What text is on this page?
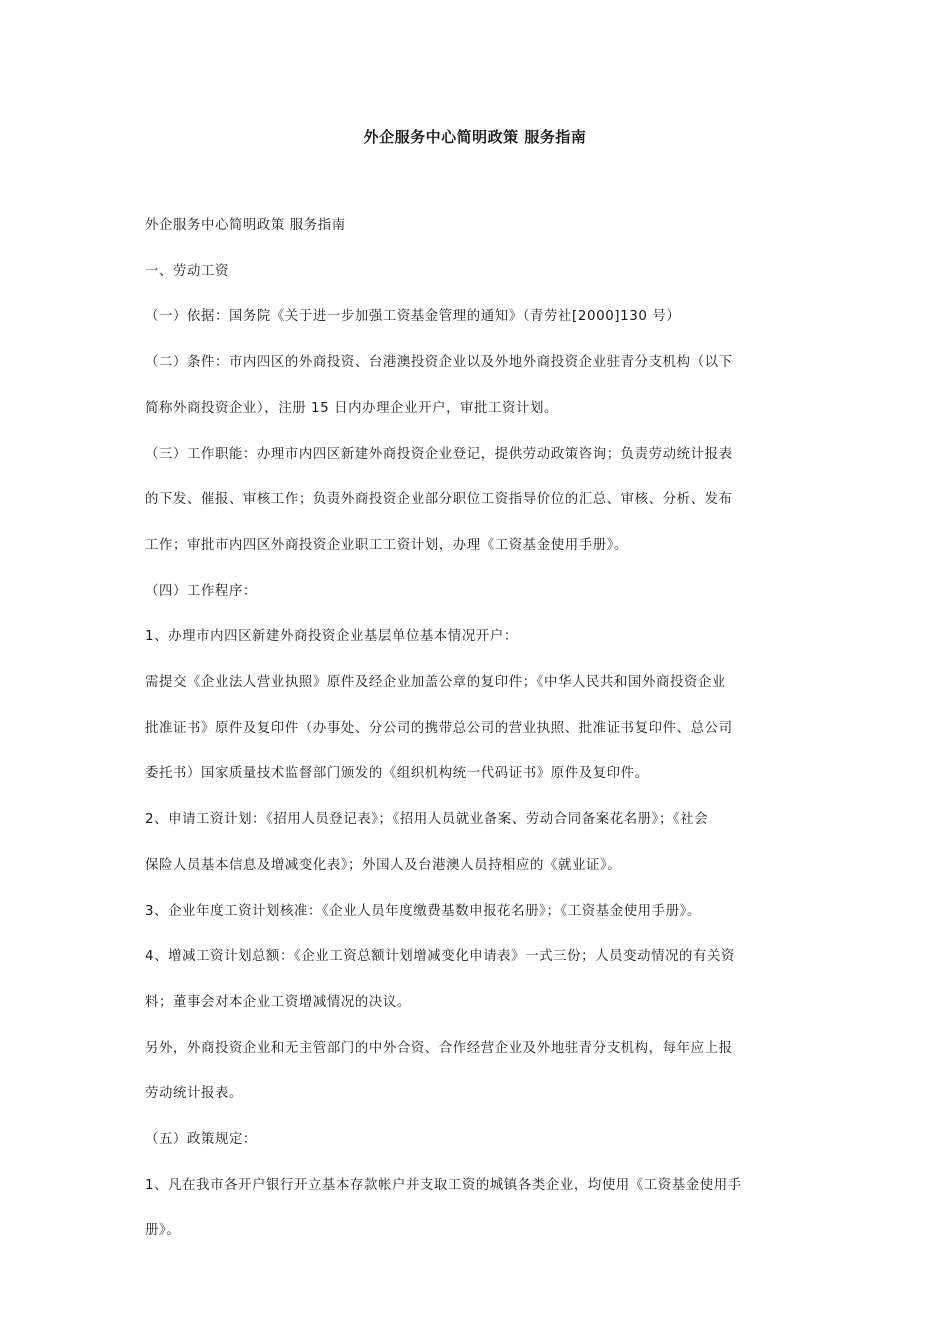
外企服务中心简明政策 服务指南

外企服务中心简明政策 服务指南

一、劳动工资

（一）依据：国务院《关于进一步加强工资基金管理的通知》（青劳社[2000]130 号）

（二）条件：市内四区的外商投资、台港澳投资企业以及外地外商投资企业驻青分支机构（以下

简称外商投资企业），注册 15 日内办理企业开户，审批工资计划。

（三）工作职能：办理市内四区新建外商投资企业登记，提供劳动政策咨询；负责劳动统计报表

的下发、催报、审核工作；负责外商投资企业部分职位工资指导价位的汇总、审核、分析、发布

工作；审批市内四区外商投资企业职工工资计划，办理《工资基金使用手册》。

（四）工作程序：

1、办理市内四区新建外商投资企业基层单位基本情况开户：

需提交《企业法人营业执照》原件及经企业加盖公章的复印件；《中华人民共和国外商投资企业

批准证书》原件及复印件（办事处、分公司的携带总公司的营业执照、批准证书复印件、总公司

委托书）国家质量技术监督部门颁发的《组织机构统一代码证书》原件及复印件。

2、申请工资计划：《招用人员登记表》；《招用人员就业备案、劳动合同备案花名册》；《社会

保险人员基本信息及增减变化表》；外国人及台港澳人员持相应的《就业证》。

3、企业年度工资计划核准：《企业人员年度缴费基数申报花名册》；《工资基金使用手册》。

4、增减工资计划总额：《企业工资总额计划增减变化申请表》一式三份；人员变动情况的有关资

料；董事会对本企业工资增减情况的决议。

另外，外商投资企业和无主管部门的中外合资、合作经营企业及外地驻青分支机构，每年应上报

劳动统计报表。

（五）政策规定：

1、凡在我市各开户银行开立基本存款帐户并支取工资的城镇各类企业，均使用《工资基金使用手

册》。
